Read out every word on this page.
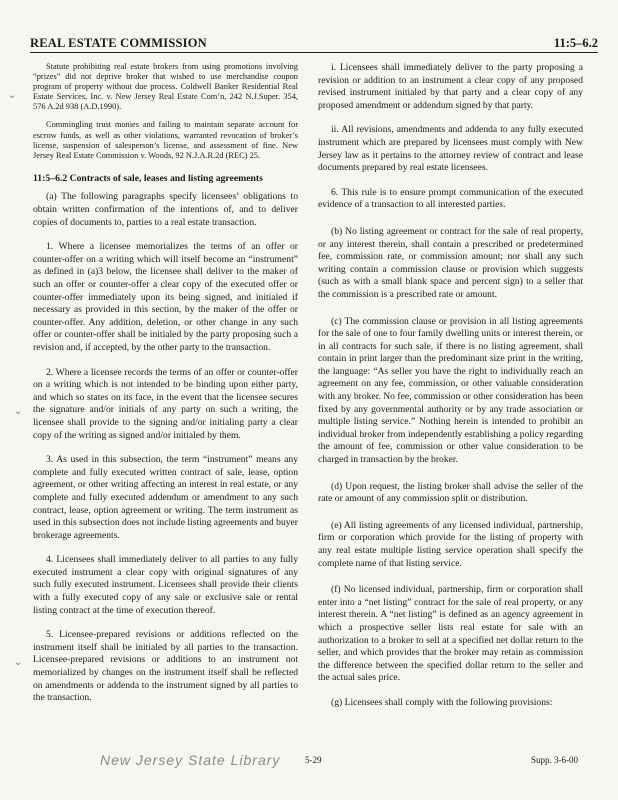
REAL ESTATE COMMISSION	11:5–6.2

Statute prohibiting real estate brokers from using promotions involving “prizes” did not deprive broker that wished to use merchandise coupon program of property without due process. Coldwell Banker Residential Real Estate Services, Inc. v. New Jersey Real Estate Com’n, 242 N.J.Super. 354, 576 A.2d 938 (A.D.1990).

Commingling trust monies and failing to maintain separate account for escrow funds, as well as other violations, warranted revocation of broker’s license, suspension of salesperson’s license, and assessment of fine. New Jersey Real Estate Commission v. Woods, 92 N.J.A.R.2d (REC) 25.

11:5–6.2 Contracts of sale, leases and listing agreements

(a) The following paragraphs specify licensees’ obligations to obtain written confirmation of the intentions of, and to deliver copies of documents to, parties to a real estate transaction.

1. Where a licensee memorializes the terms of an offer or counter-offer on a writing which will itself become an “instrument” as defined in (a)3 below, the licensee shall deliver to the maker of such an offer or counter-offer a clear copy of the executed offer or counter-offer immediately upon its being signed, and initialed if necessary as provided in this section, by the maker of the offer or counter-offer. Any addition, deletion, or other change in any such offer or counter-offer shall be initialed by the party proposing such a revision and, if accepted, by the other party to the transaction.

2. Where a licensee records the terms of an offer or counter-offer on a writing which is not intended to be binding upon either party, and which so states on its face, in the event that the licensee secures the signature and/or initials of any party on such a writing, the licensee shall provide to the signing and/or initialing party a clear copy of the writing as signed and/or initialed by them.

3. As used in this subsection, the term “instrument” means any complete and fully executed written contract of sale, lease, option agreement, or other writing affecting an interest in real estate, or any complete and fully executed addendum or amendment to any such contract, lease, option agreement or writing. The term instrument as used in this subsection does not include listing agreements and buyer brokerage agreements.

4. Licensees shall immediately deliver to all parties to any fully executed instrument a clear copy with original signatures of any such fully executed instrument. Licensees shall provide their clients with a fully executed copy of any sale or exclusive sale or rental listing contract at the time of execution thereof.

5. Licensee-prepared revisions or additions reflected on the instrument itself shall be initialed by all parties to the transaction. Licensee-prepared revisions or additions to an instrument not memorialized by changes on the instrument itself shall be reflected on amendments or addenda to the instrument signed by all parties to the transaction.

i. Licensees shall immediately deliver to the party proposing a revision or addition to an instrument a clear copy of any proposed revised instrument initialed by that party and a clear copy of any proposed amendment or addendum signed by that party.

ii. All revisions, amendments and addenda to any fully executed instrument which are prepared by licensees must comply with New Jersey law as it pertains to the attorney review of contract and lease documents prepared by real estate licensees.

6. This rule is to ensure prompt communication of the executed evidence of a transaction to all interested parties.

(b) No listing agreement or contract for the sale of real property, or any interest therein, shall contain a prescribed or predetermined fee, commission rate, or commission amount; nor shall any such writing contain a commission clause or provision which suggests (such as with a small blank space and percent sign) to a seller that the commission is a prescribed rate or amount.

(c) The commission clause or provision in all listing agreements for the sale of one to four family dwelling units or interest therein, or in all contracts for such sale, if there is no listing agreement, shall contain in print larger than the predominant size print in the writing, the language: “As seller you have the right to individually reach an agreement on any fee, commission, or other valuable consideration with any broker. No fee, commission or other consideration has been fixed by any governmental authority or by any trade association or multiple listing service.” Nothing herein is intended to prohibit an individual broker from independently establishing a policy regarding the amount of fee, commission or other value consideration to be charged in transaction by the broker.

(d) Upon request, the listing broker shall advise the seller of the rate or amount of any commission split or distribution.

(e) All listing agreements of any licensed individual, partnership, firm or corporation which provide for the listing of property with any real estate multiple listing service operation shall specify the complete name of that listing service.

(f) No licensed individual, partnership, firm or corporation shall enter into a “net listing” contract for the sale of real property, or any interest therein. A “net listing” is defined as an agency agreement in which a prospective seller lists real estate for sale with an authorization to a broker to sell at a specified net dollar return to the seller, and which provides that the broker may retain as commission the difference between the specified dollar return to the seller and the actual sales price.

(g) Licensees shall comply with the following provisions:

⌄
⌄
⌄
New Jersey State Library	5-29	Supp. 3-6-00
